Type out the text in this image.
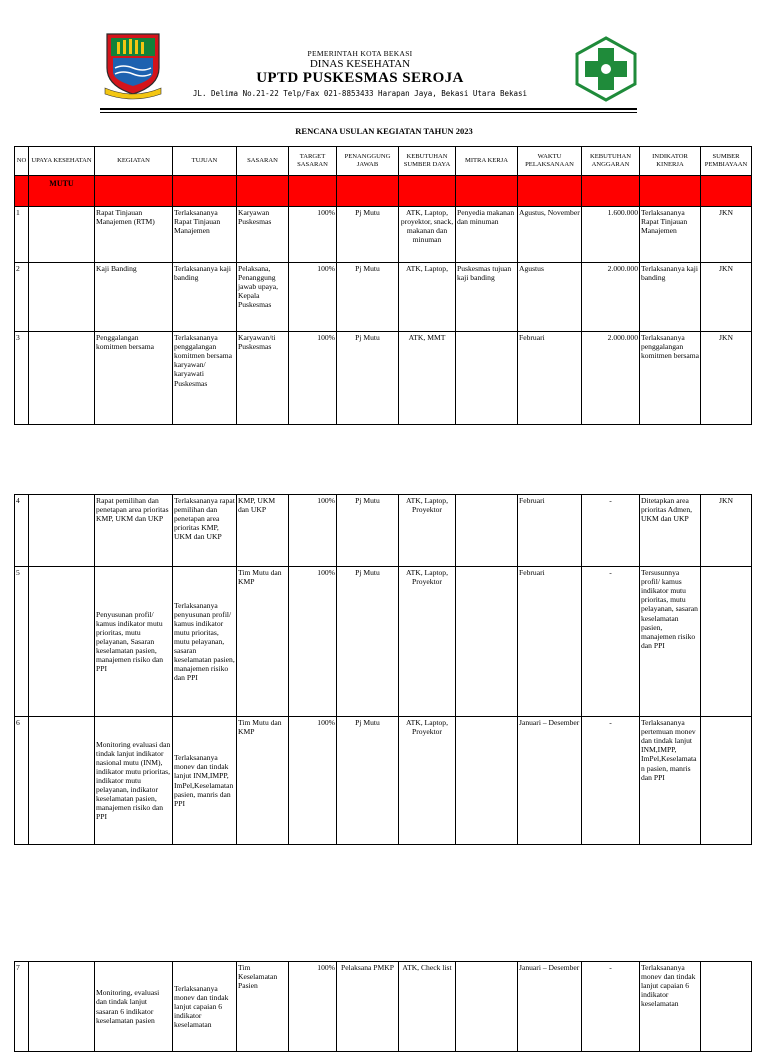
PEMERINTAH KOTA BEKASI
DINAS KESEHATAN
UPTD PUSKESMAS SEROJA
JL. Delima No.21-22 Telp/Fax 021-8853433 Harapan Jaya, Bekasi Utara Bekasi
RENCANA USULAN KEGIATAN TAHUN 2023
NO	UPAYA KESEHATAN	KEGIATAN	TUJUAN	SASARAN	TARGET SASARAN	PENANGGUNG JAWAB	KEBUTUHAN SUMBER DAYA	MITRA KERJA	WAKTU PELAKSANAAN	KEBUTUHAN ANGGARAN	INDIKATOR KINERJA	SUMBER PEMBIAYAAN
	MUTU											
1		Rapat Tinjauan Manajemen (RTM)	Terlaksananya Rapat Tinjauan Manajemen	Karyawan Puskesmas	100%	Pj Mutu	ATK, Laptop, proyektor, snack, makanan dan minuman	Penyedia makanan dan minuman	Agustus, November	1.600.000	Terlaksananya Rapat Tinjauan Manajemen	JKN
2		Kaji Banding	Terlaksananya kaji banding	Pelaksana, Penanggung jawab upaya, Kepala Puskesmas	100%	Pj Mutu	ATK, Laptop,	Puskesmas tujuan kaji banding	Agustus	2.000.000	Terlaksananya kaji banding	JKN
3		Penggalangan komitmen bersama	Terlaksananya penggalangan komitmen bersama karyawan/ karyawati Puskesmas	Karyawan/ti Puskesmas	100%	Pj Mutu	ATK, MMT		Februari	2.000.000	Terlaksananya penggalangan komitmen bersama	JKN
4		Rapat pemilihan dan penetapan area prioritas KMP, UKM dan UKP	Terlaksananya rapat pemilihan dan penetapan area prioritas KMP, UKM dan UKP	KMP, UKM dan UKP	100%	Pj Mutu	ATK, Laptop, Proyektor		Februari	-	Ditetapkan area prioritas Admen, UKM dan UKP	JKN
5		Penyusunan profil/ kamus indikator mutu prioritas, mutu pelayanan, Sasaran keselamatan pasien, manajemen risiko dan PPI	Terlaksananya penyusunan profil/ kamus indikator mutu prioritas, mutu pelayanan, sasaran keselamatan pasien, manajemen risiko dan PPI	Tim Mutu dan KMP	100%	Pj Mutu	ATK, Laptop, Proyektor		Februari	-	Tersusunnya profil/ kamus indikator mutu prioritas, mutu pelayanan, sasaran keselamatan pasien, manajemen risiko dan PPI	
6		Monitoring evaluasi dan tindak lanjut indikator nasional mutu (INM), indikator mutu prioritas, indikator mutu pelayanan, indikator keselamatan pasien, manajemen risiko dan PPI	Terlaksananya monev dan tindak lanjut INM,IMPP, ImPel,Keselamatan pasien, manris dan PPI	Tim Mutu dan KMP	100%	Pj Mutu	ATK, Laptop, Proyektor		Januari – Desember	-	Terlaksananya pertemuan monev dan tindak lanjut INM,IMPP, ImPel,Keselamatan pasien, manris dan PPI	
7		Monitoring, evaluasi dan tindak lanjut sasaran 6 indikator keselamatan pasien	Terlaksananya monev dan tindak lanjut capaian 6 indikator keselamatan	Tim Keselamatan Pasien	100%	Pelaksana PMKP	ATK, Check list		Januari – Desember	-	Terlaksananya monev dan tindak lanjut capaian 6 indikator keselamatan	
